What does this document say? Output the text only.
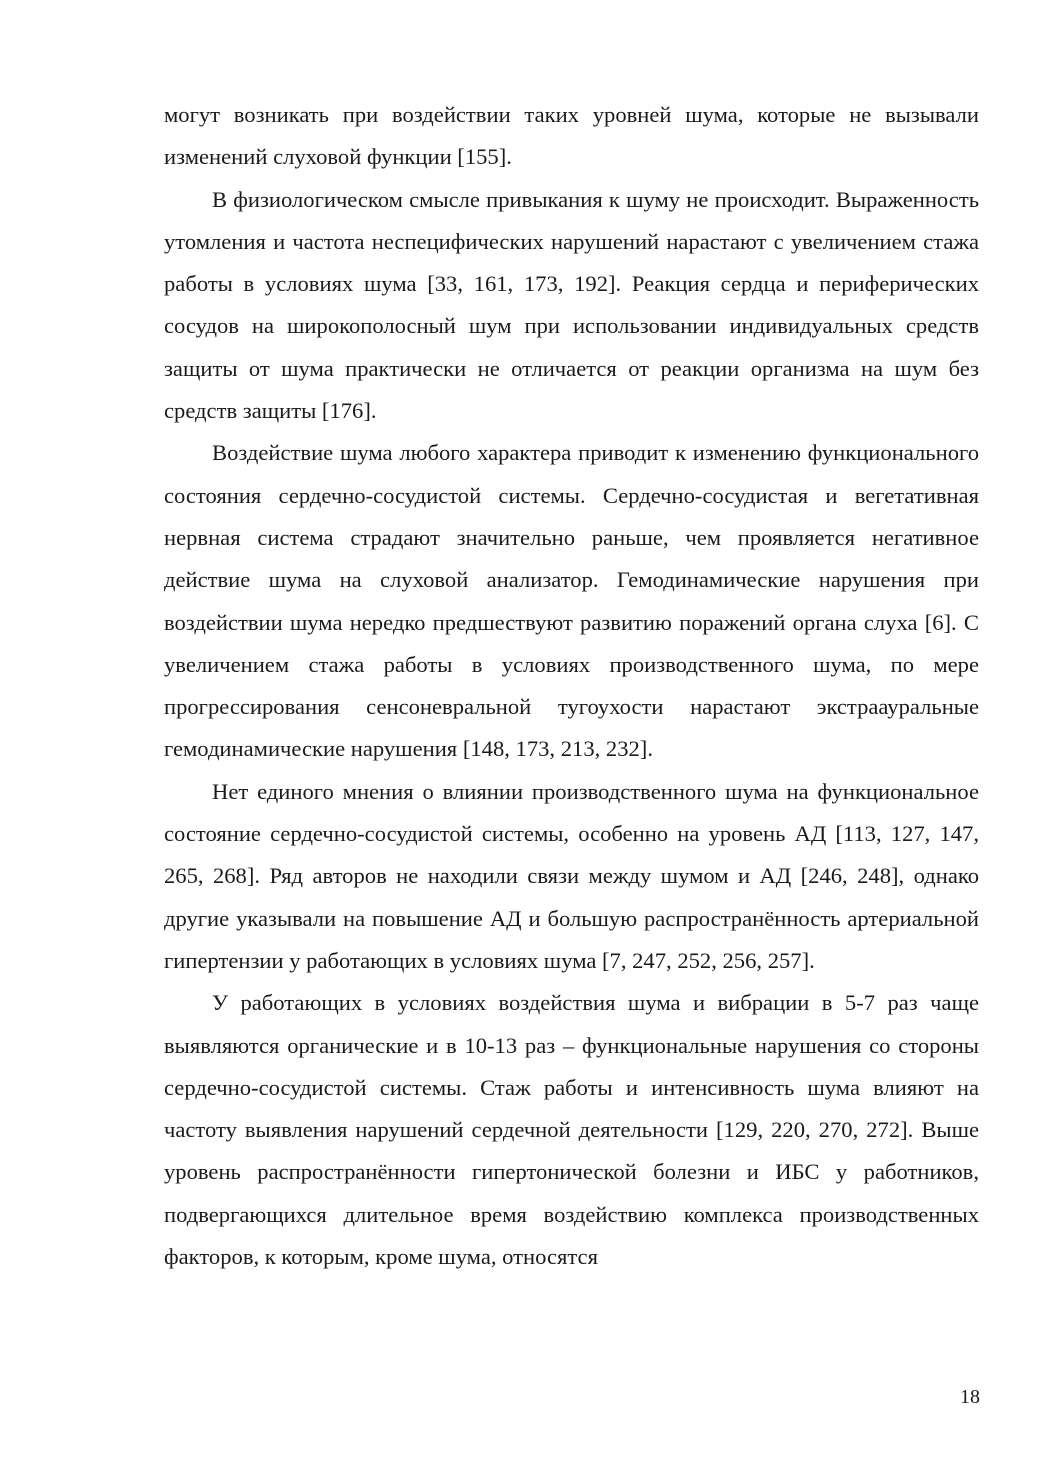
могут возникать при воздействии таких уровней шума, которые не вызывали изменений слуховой функции [155].

В физиологическом смысле привыкания к шуму не происходит. Выраженность утомления и частота неспецифических нарушений нарастают с увеличением стажа работы в условиях шума [33, 161, 173, 192]. Реакция сердца и периферических сосудов на широкополосный шум при использовании индивидуальных средств защиты от шума практически не отличается от реакции организма на шум без средств защиты [176].

Воздействие шума любого характера приводит к изменению функционального состояния сердечно-сосудистой системы. Сердечно-сосудистая и вегетативная нервная система страдают значительно раньше, чем проявляется негативное действие шума на слуховой анализатор. Гемодинамические нарушения при воздействии шума нередко предшествуют развитию поражений органа слуха [6]. С увеличением стажа работы в условиях производственного шума, по мере прогрессирования сенсоневральной тугоухости нарастают экстраауральные гемодинамические нарушения [148, 173, 213, 232].

Нет единого мнения о влиянии производственного шума на функциональное состояние сердечно-сосудистой системы, особенно на уровень АД [113, 127, 147, 265, 268]. Ряд авторов не находили связи между шумом и АД [246, 248], однако другие указывали на повышение АД и большую распространённость артериальной гипертензии у работающих в условиях шума [7, 247, 252, 256, 257].

У работающих в условиях воздействия шума и вибрации в 5-7 раз чаще выявляются органические и в 10-13 раз – функциональные нарушения со стороны сердечно-сосудистой системы. Стаж работы и интенсивность шума влияют на частоту выявления нарушений сердечной деятельности [129, 220, 270, 272]. Выше уровень распространённости гипертонической болезни и ИБС у работников, подвергающихся длительное время воздействию комплекса производственных факторов, к которым, кроме шума, относятся

18
